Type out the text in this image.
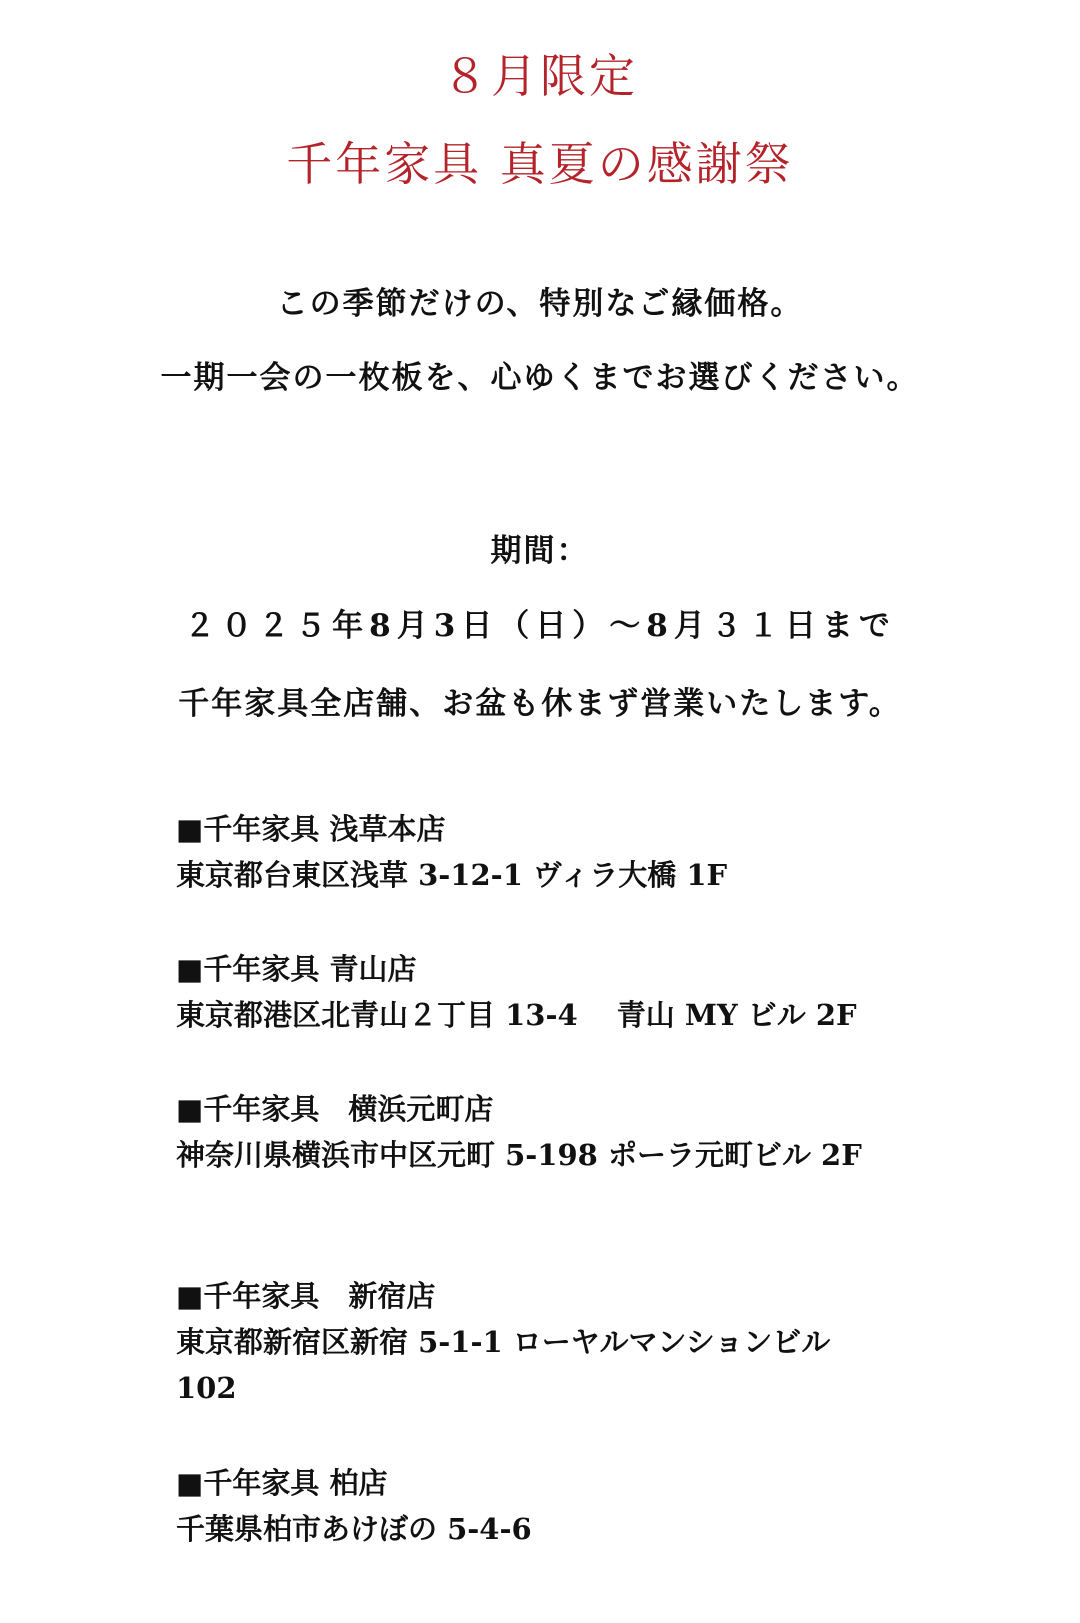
８月限定
千年家具 真夏の感謝祭
この季節だけの、特別なご縁価格。
一期一会の一枚板を、心ゆくまでお選びください。
期間：
２０２５年8月3日（日）～8月３１日まで
千年家具全店舗、お盆も休まず営業いたします。
■千年家具 浅草本店
東京都台東区浅草 3-12-1 ヴィラ大橋 1F
■千年家具 青山店
東京都港区北青山２丁目 13-4　 青山 MY ビル 2F
■千年家具　横浜元町店
神奈川県横浜市中区元町 5-198 ポーラ元町ビル 2F
■千年家具　新宿店
東京都新宿区新宿 5-1-1 ローヤルマンションビル 102
■千年家具 柏店
千葉県柏市あけぼの 5-4-6
